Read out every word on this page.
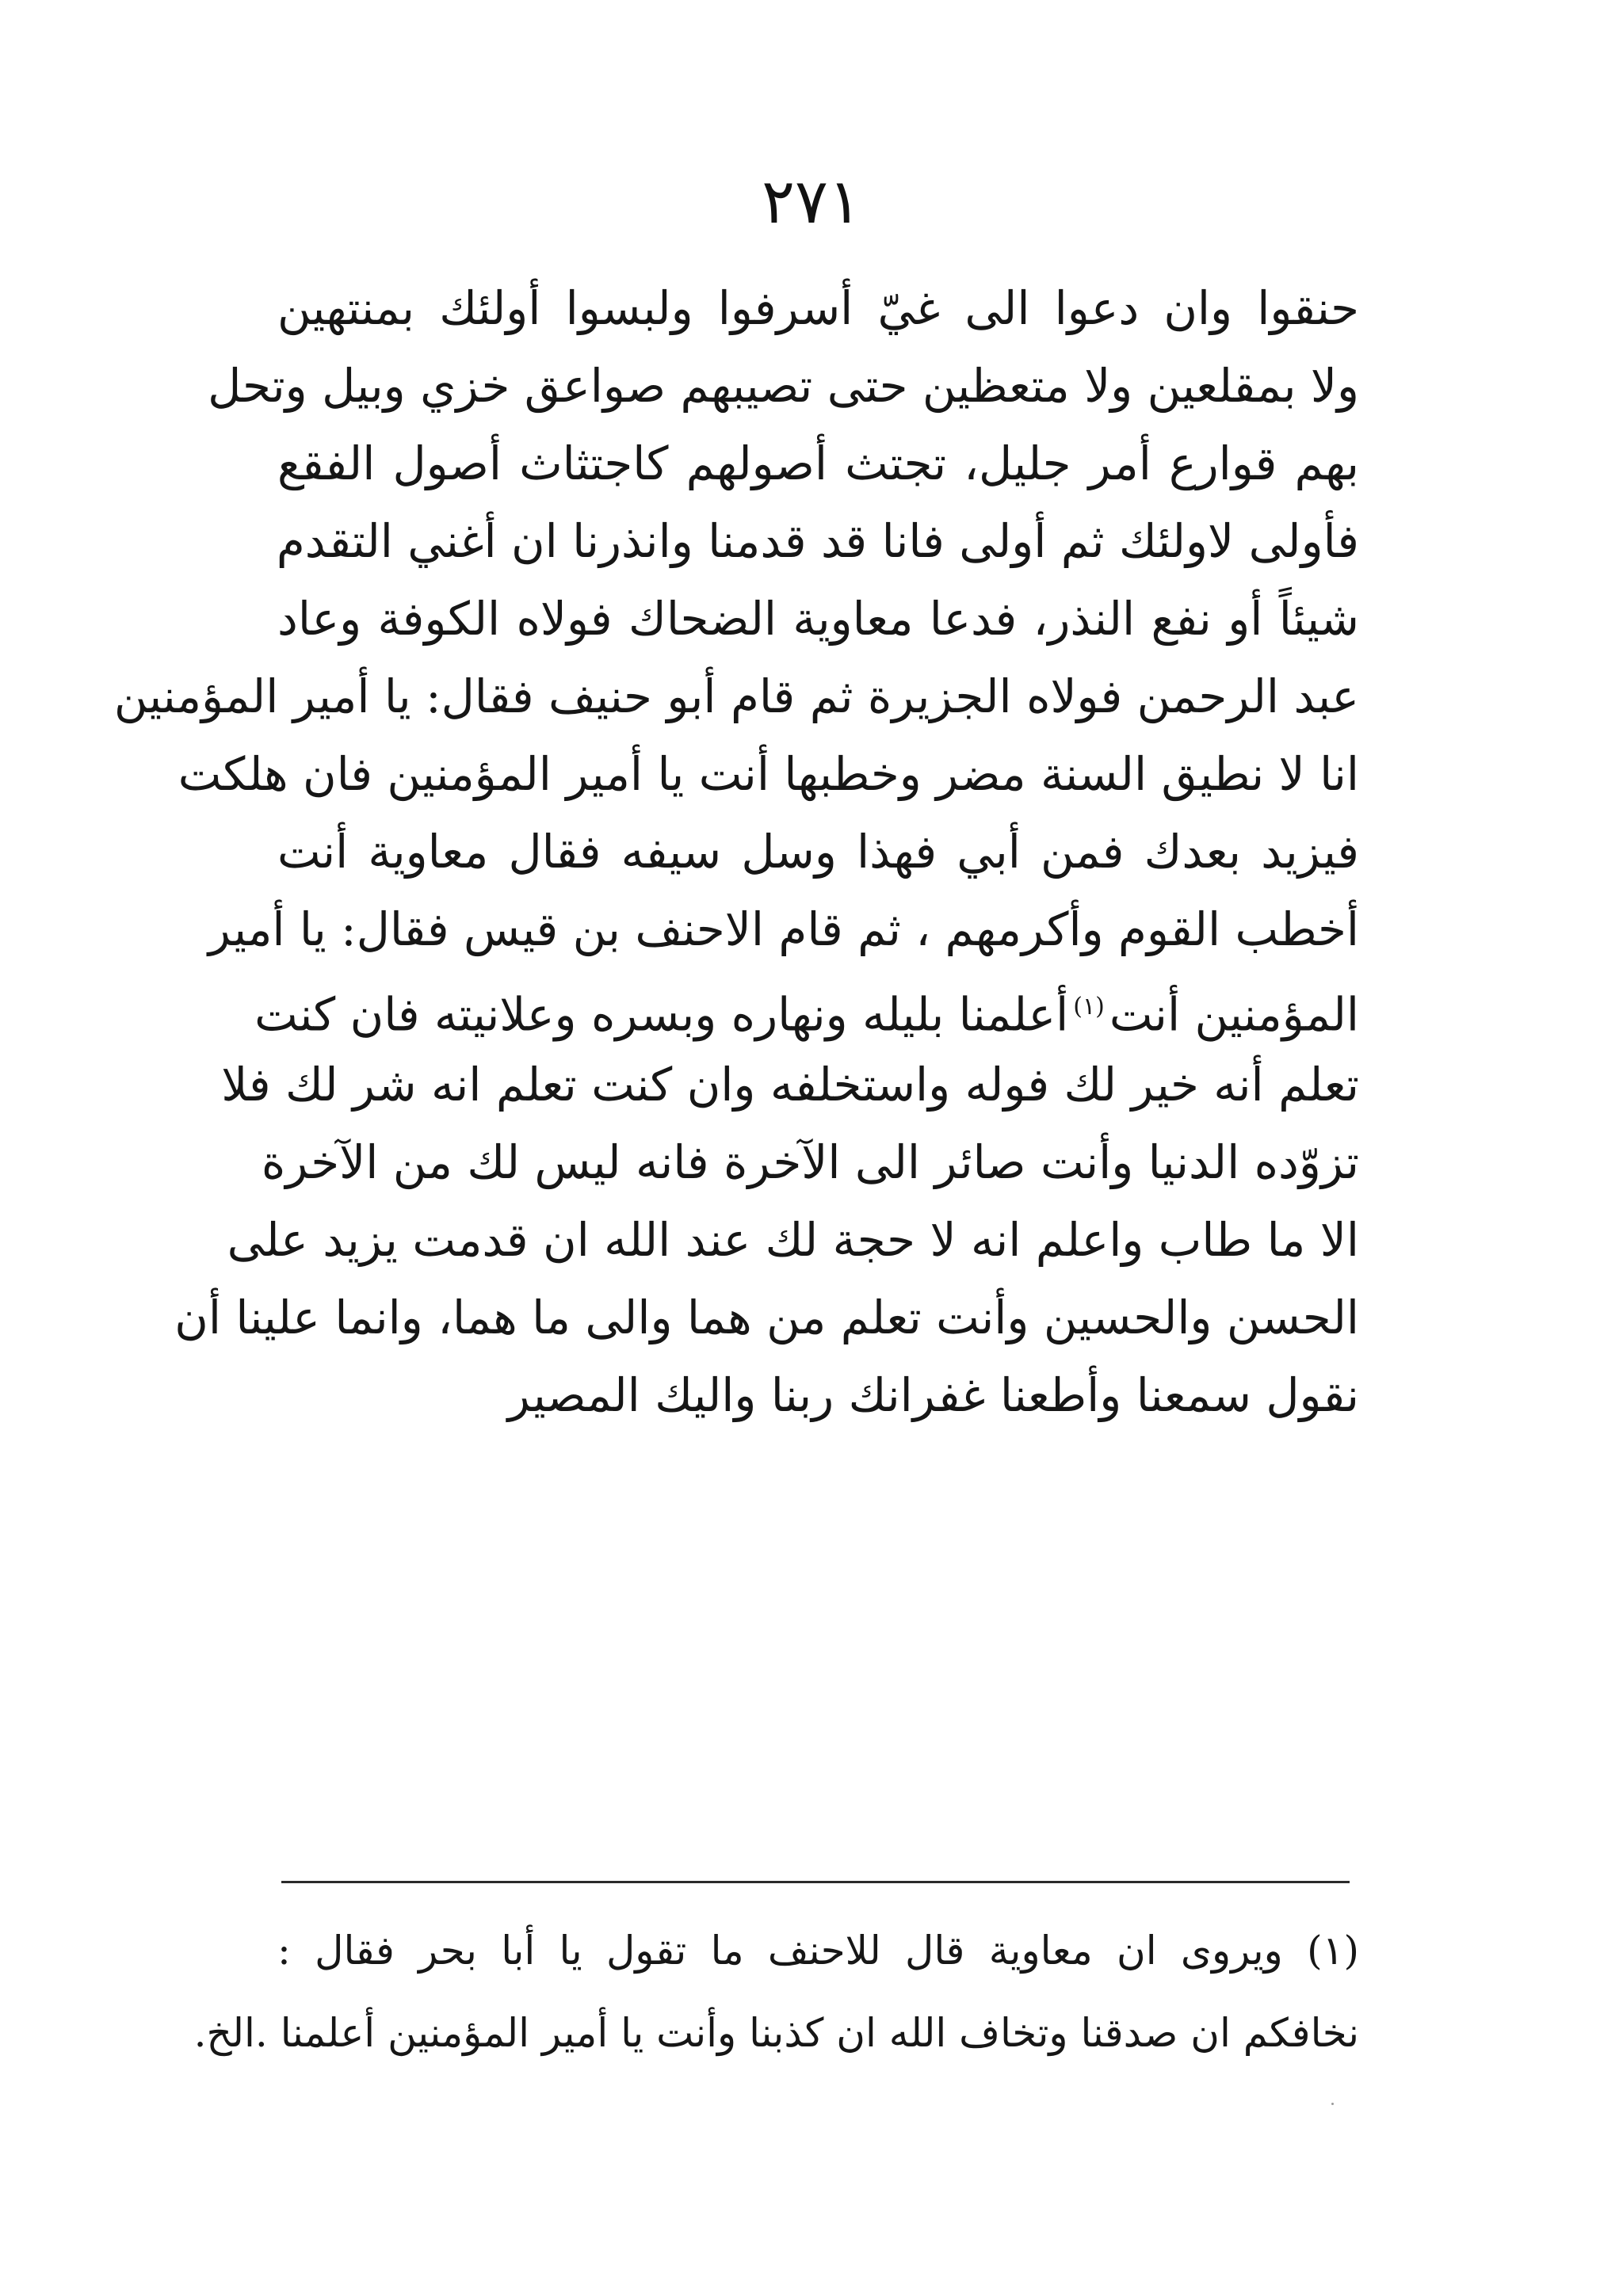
٢٧١
حنقوا وان دعوا الى غيّ أسرفوا ولبسوا أولئك بمنتهين
ولا بمقلعين ولا متعظين حتى تصيبهم صواعق خزي وبيل وتحل
بهم قوارع أمر جليل، تجتث أصولهم كاجتثاث أصول الفقع
فأولى لاولئك ثم أولى فانا قد قدمنا وانذرنا ان أغني التقدم
شيئاً أو نفع النذر، فدعا معاوية الضحاك فولاه الكوفة وعاد
عبد الرحمن فولاه الجزيرة ثم قام أبو حنيف فقال: يا أمير المؤمنين
انا لا نطيق السنة مضر وخطبها أنت يا أمير المؤمنين فان هلكت
فيزيد بعدك فمن أبي فهذا وسل سيفه فقال معاوية أنت
أخطب القوم وأكرمهم ، ثم قام الاحنف بن قيس فقال: يا أمير
المؤمنين أنت$^{(١)}$أعلمنا بليله ونهاره وبسره وعلانيته فان كنت
تعلم أنه خير لك فوله واستخلفه وان كنت تعلم انه شر لك فلا
تزوّده الدنيا وأنت صائر الى الآخرة فانه ليس لك من الآخرة
الا ما طاب واعلم انه لا حجة لك عند الله ان قدمت يزيد على
الحسن والحسين وأنت تعلم من هما والى ما هما، وانما علينا أن
نقول سمعنا وأطعنا غفرانك ربنا واليك المصير
(١) ويروى ان معاوية قال للاحنف ما تقول يا أبا بحر فقال :
نخافكم ان صدقنا وتخاف الله ان كذبنا وأنت يا أمير المؤمنين أعلمنا .الخ.
